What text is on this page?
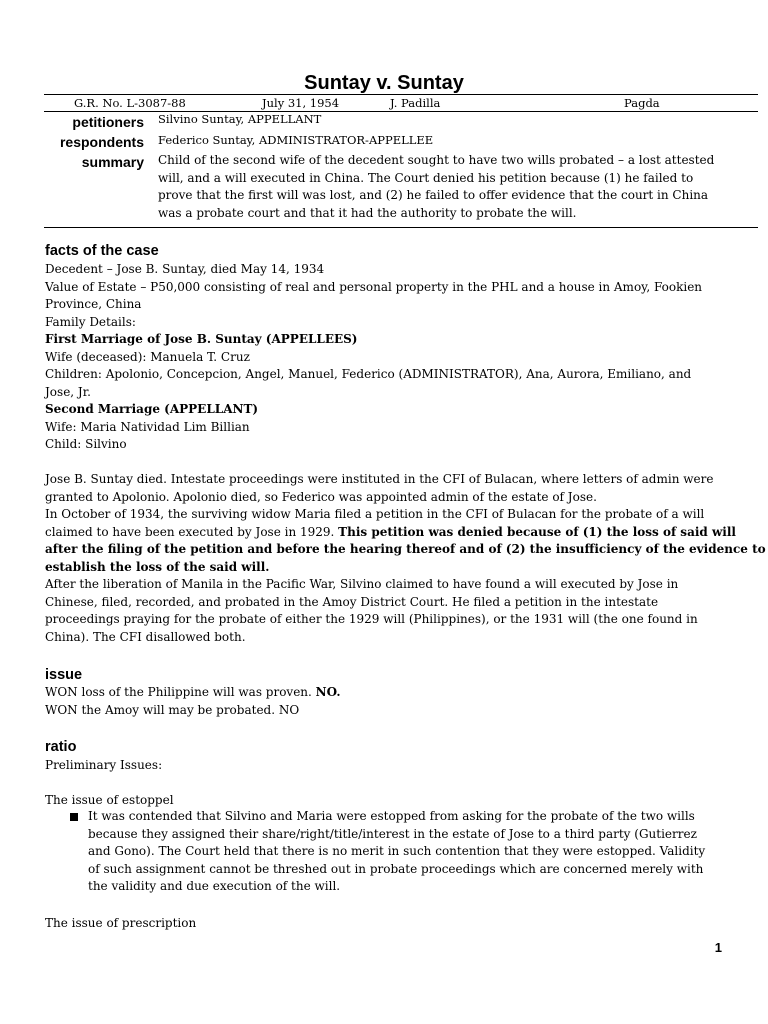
Suntay v. Suntay
G.R. No. L-3087-88	July 31, 1954	J. Padilla	Pagda
petitioners Silvino Suntay, APPELLANT
respondents Federico Suntay, ADMINISTRATOR-APPELLEE
summary Child of the second wife of the decedent sought to have two wills probated – a lost attested
will, and a will executed in China. The Court denied his petition because (1) he failed to
prove that the first will was lost, and (2) he failed to offer evidence that the court in China
was a probate court and that it had the authority to probate the will.
facts of the case
Decedent – Jose B. Suntay, died May 14, 1934
Value of Estate – P50,000 consisting of real and personal property in the PHL and a house in Amoy, Fookien
Province, China
Family Details:
First Marriage of Jose B. Suntay (APPELLEES)
Wife (deceased): Manuela T. Cruz
Children: Apolonio, Concepcion, Angel, Manuel, Federico (ADMINISTRATOR), Ana, Aurora, Emiliano, and
Jose, Jr.
Second Marriage (APPELLANT)
Wife: Maria Natividad Lim Billian
Child: Silvino
Jose B. Suntay died. Intestate proceedings were instituted in the CFI of Bulacan, where letters of admin were
granted to Apolonio. Apolonio died, so Federico was appointed admin of the estate of Jose.
In October of 1934, the surviving widow Maria filed a petition in the CFI of Bulacan for the probate of a will
claimed to have been executed by Jose in 1929. This petition was denied because of (1) the loss of said will
after the filing of the petition and before the hearing thereof and of (2) the insufficiency of the evidence to
establish the loss of the said will.
After the liberation of Manila in the Pacific War, Silvino claimed to have found a will executed by Jose in
Chinese, filed, recorded, and probated in the Amoy District Court. He filed a petition in the intestate
proceedings praying for the probate of either the 1929 will (Philippines), or the 1931 will (the one found in
China). The CFI disallowed both.
issue
WON loss of the Philippine will was proven. NO.
WON the Amoy will may be probated. NO
ratio
Preliminary Issues:
The issue of estoppel
It was contended that Silvino and Maria were estopped from asking for the probate of the two wills
because they assigned their share/right/title/interest in the estate of Jose to a third party (Gutierrez
and Gono). The Court held that there is no merit in such contention that they were estopped. Validity
of such assignment cannot be threshed out in probate proceedings which are concerned merely with
the validity and due execution of the will.
The issue of prescription
1
